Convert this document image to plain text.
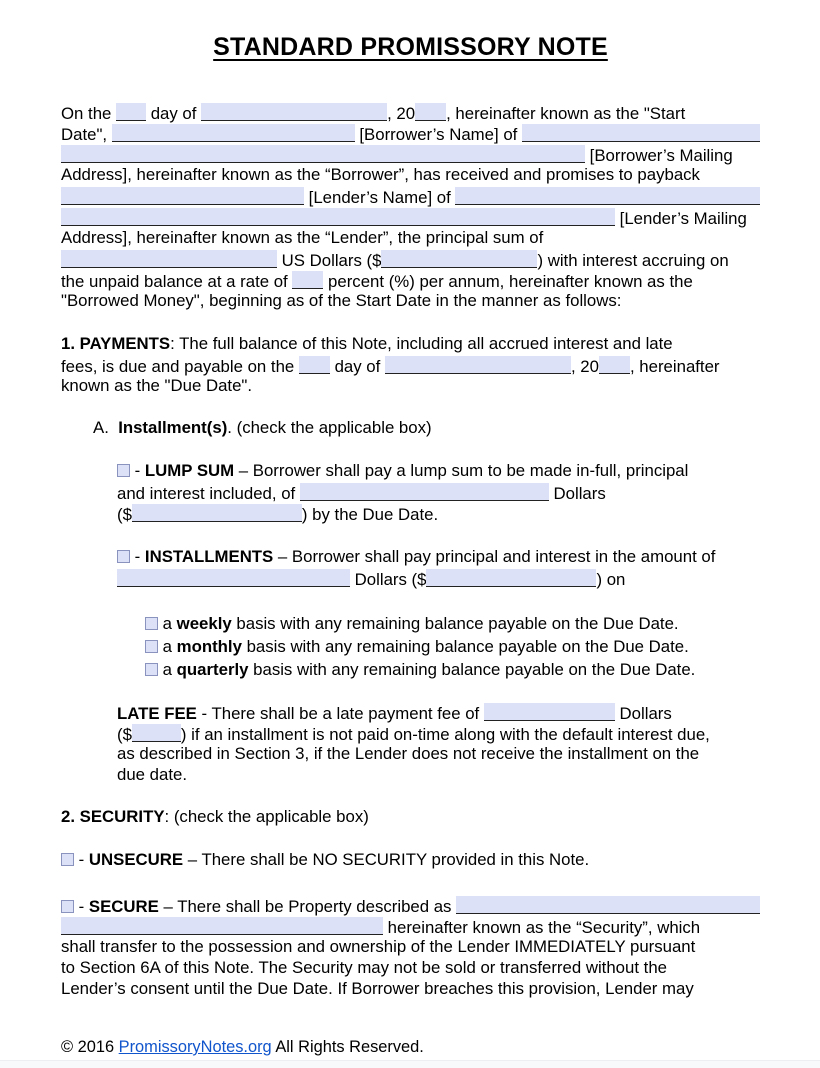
STANDARD PROMISSORY NOTE
On the day of	, 20 , hereinafter known as the "Start
Date",	[Borrower’s Name] of
[Borrower’s Mailing
Address], hereinafter known as the “Borrower”, has received and promises to payback
[Lender’s Name] of
[Lender’s Mailing
Address], hereinafter known as the “Lender”, the principal sum of
US Dollars ($	) with interest accruing on
the unpaid balance at a rate of percent (%) per annum, hereinafter known as the
"Borrowed Money", beginning as of the Start Date in the manner as follows:
1. PAYMENTS : The full balance of this Note, including all accrued interest and late
fees, is due and payable on the day of	, 20 , hereinafter
known as the "Due Date".
A. Installment(s) . (check the applicable box)
- LUMP SUM – Borrower shall pay a lump sum to be made in-full, principal
and interest included, of	Dollars
($	) by the Due Date.
- INSTALLMENTS – Borrower shall pay principal and interest in the amount of
Dollars ($	) on
a weekly basis with any remaining balance payable on the Due Date.
a monthly basis with any remaining balance payable on the Due Date.
a quarterly basis with any remaining balance payable on the Due Date.
LATE FEE - There shall be a late payment fee of	Dollars
($	) if an installment is not paid on-time along with the default interest due,
as described in Section 3, if the Lender does not receive the installment on the
due date.
2. SECURITY : (check the applicable box)
- UNSECURE – There shall be NO SECURITY provided in this Note.
- SECURE – There shall be Property described as
hereinafter known as the “Security”, which
shall transfer to the possession and ownership of the Lender IMMEDIATELY pursuant
to Section 6A of this Note. The Security may not be sold or transferred without the
Lender’s consent until the Due Date. If Borrower breaches this provision, Lender may
© 2016 PromissoryNotes.org All Rights Reserved.
